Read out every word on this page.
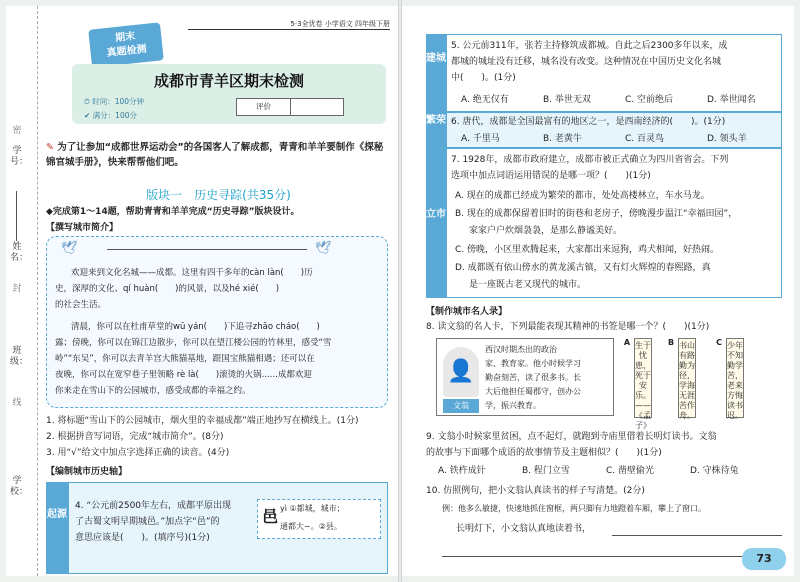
学号：
姓名：
封
班级：
线
学校：
密
5·3全优卷 小学语文 四年级下册
期末
真题检测
成都市青羊区期末检测
⏱ 时间：100分钟
✔ 满分：100分
评价
✎ 为了让参加“成都世界运动会”的各国客人了解成都，青青和羊羊要制作《探秘锦官城手册》，快来帮帮他们吧。
版块一　历史寻踪(共35分)
◆完成第1～14题，帮助青青和羊羊完成“历史寻踪”版块设计。
【撰写城市简介】
🕊	🕊
欢迎来到文化名城——成都。这里有四千多年的càn làn(　　)历
史，深厚的文化、qí huàn(　　)的风景，以及hé xié(　　)
的社会生活。
清晨，你可以在杜甫草堂的wū yán(　　)下追寻zhāo cháo(　　)
露；傍晚，你可以在锦江边散步，你可以在望江楼公园的竹林里，感受“雪
岭”“东吴”，你可以去青羊宫大熊猫基地，跟国宝熊猫相遇；还可以在
夜晚，你可以在宽窄巷子里领略 rè là(　　)滚烫的火锅......成都欢迎
你来走在雪山下的公园城市，感受成都的幸福之约。
1. 将标题“雪山下的公园城市，烟火里的幸福成都”端正地抄写在横线上。(1分)
2. 根据拼音写词语，完成“城市简介”。(8分)
3. 用“√”给文中加点字选择正确的读音。(4分)
【编制城市历史轴】
起源
4. “公元前2500年左右，成都平原出现
了古蜀文明早期城邑。”加点字“邑”的
意思应该是(　　)。(填序号)(1分)
yì ①都城，城市；
邑
通都大~。②县。
建城
5. 公元前311年，张若主持修筑成都城。自此之后2300多年以来，成
都城的城址没有迁移，城名没有改变。这种情况在中国历史文化名城
中(　　)。(1分)
A. 绝无仅有	B. 举世无双	C. 空前绝后	D. 举世闻名
繁荣 6. 唐代，成都是全国最富有的地区之一，是西南经济的(　　)。(1分)
A. 千里马	B. 老黄牛	C. 百灵鸟	D. 领头羊
立市
7. 1928年，成都市政府建立，成都市被正式确立为四川省省会。下列
选项中加点词语运用错误的是哪一项？(　　)(1分)
A. 现在的成都已经成为繁荣的都市，处处高楼林立，车水马龙。
B. 现在的成都保留着旧时的街巷和老房子，傍晚漫步温江“幸福田园”，
家家户户炊烟袅袅，是那么静谧美好。
C. 傍晚，小区里欢腾起来，大家都出来逗狗，鸡犬相闻，好热闹。
D. 成都既有依山傍水的黄龙溪古镇，又有灯火辉煌的春熙路，真
是一座既古老又现代的城市。
【制作城市名人录】
8. 读文翁的名人卡，下列最能表现其精神的书签是哪一个？(　　)(1分)
👤
文翁
西汉时期杰出的政治
家、教育家。他小时候学习
勤奋刻苦，读了很多书。长
大后他担任蜀郡守，创办公
学，振兴教育。
A 生于忧患，死于安乐。——《孟子》
B 书山有路勤为径，学海无涯苦作舟。
C 少年不知勤学苦，老来方悔读书迟。
9. 文翁小时候家里贫困，点不起灯，就跑到寺庙里借着长明灯读书。文翁
的故事与下面哪个成语的故事情节及主题相似？(　　)(1分)
A. 铁杵成针	B. 程门立雪	C. 凿壁偷光	D. 守株待兔
10. 仿照例句，把小文翁认真读书的样子写清楚。(2分)
例：他多么敏捷，快速地抓住窗框，两只脚有力地蹬着车厢，攀上了窗口。
长明灯下，小文翁认真地读着书，
73
